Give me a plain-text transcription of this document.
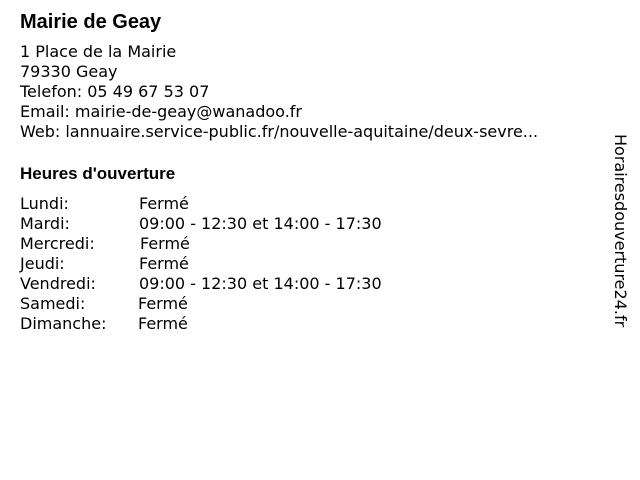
Mairie de Geay
1 Place de la Mairie
79330 Geay
Telefon: 05 49 67 53 07
Email: mairie-de-geay@wanadoo.fr
Web: lannuaire.service-public.fr/nouvelle-aquitaine/deux-sevre...
Heures d'ouverture
Lundi:	Fermé
Mardi:	09:00 - 12:30 et 14:00 - 17:30
Mercredi:	Fermé
Jeudi:	Fermé
Vendredi:	09:00 - 12:30 et 14:00 - 17:30
Samedi:	Fermé
Dimanche:	Fermé	Horairesdouverture24.fr
